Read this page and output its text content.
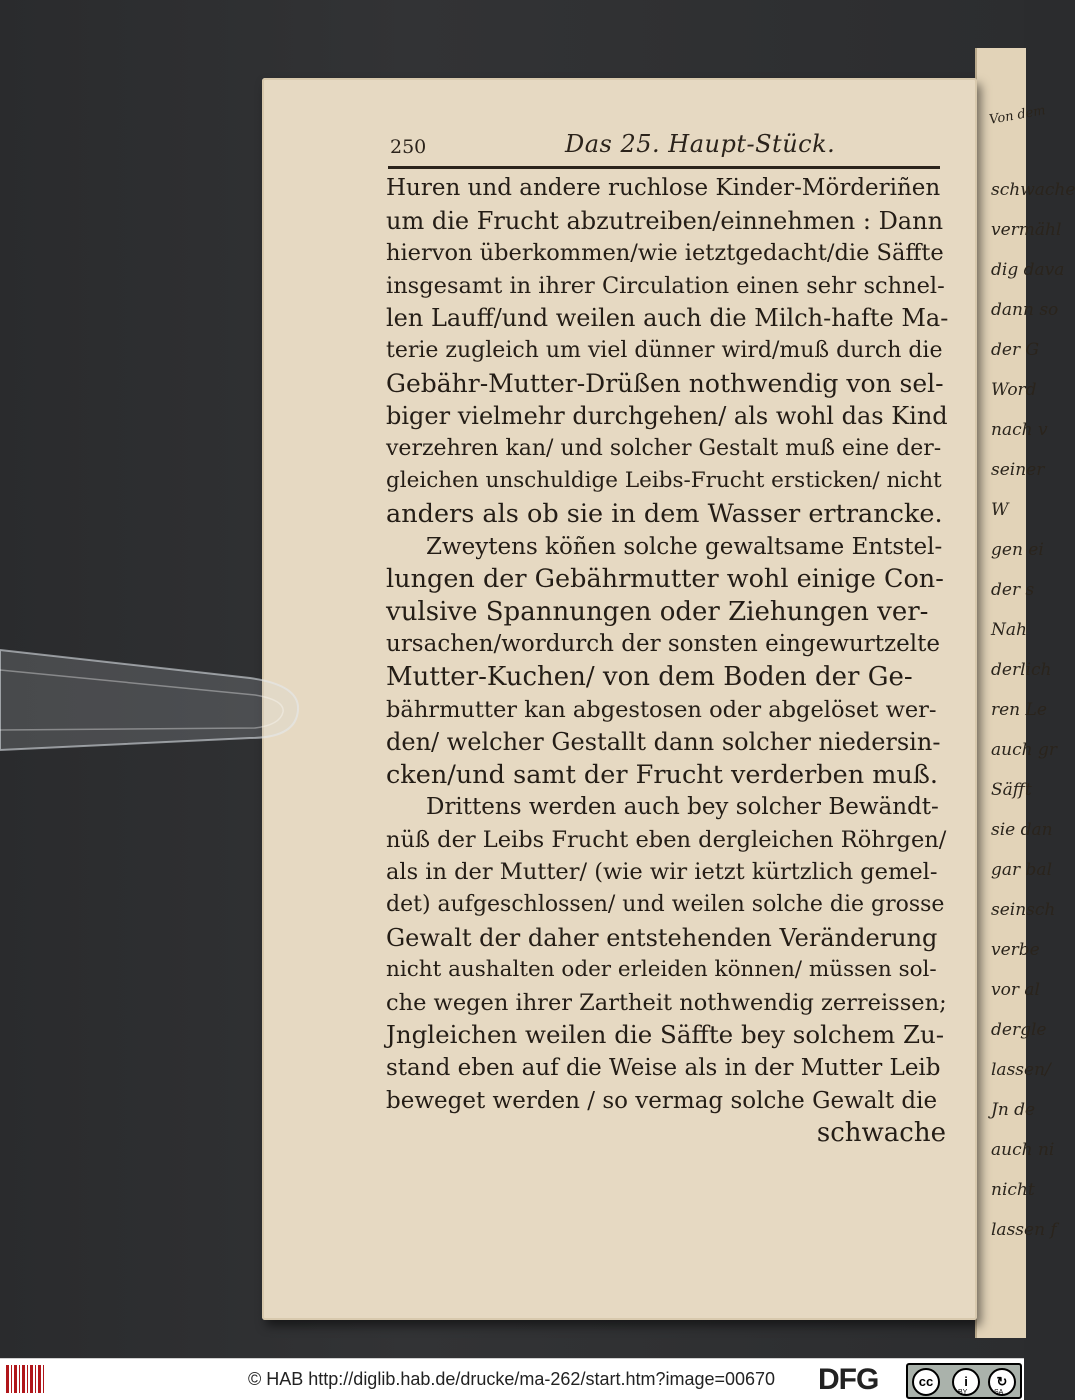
Von dem
schwache
vermähl
dig dava
dann so
der G
Word
nach v
seiner
W
gen ei
der s
Nah
derlich
ren Le
auch gr
Säfft
sie dan
gar bal
seinsch
verbe
vor al
dergle
lassen/
Jn de
auch ni
nicht
lassen f
250	Das 25. Haupt-Stück.
Huren und andere ruchlose Kinder-Mörderiñen
um die Frucht abzutreiben/einnehmen : Dann
hiervon überkommen/wie ietztgedacht/die Säffte
insgesamt in ihrer Circulation einen sehr schnel-
len Lauff/und weilen auch die Milch-hafte Ma-
terie zugleich um viel dünner wird/muß durch die
Gebähr-Mutter-Drüßen nothwendig von sel-
biger vielmehr durchgehen/ als wohl das Kind
verzehren kan/ und solcher Gestalt muß eine der-
gleichen unschuldige Leibs-Frucht ersticken/ nicht
anders als ob sie in dem Wasser ertrancke.
Zweytens köñen solche gewaltsame Entstel-
lungen der Gebährmutter wohl einige Con-
vulsive Spannungen oder Ziehungen ver-
ursachen/wordurch der sonsten eingewurtzelte
Mutter-Kuchen/ von dem Boden der Ge-
bährmutter kan abgestosen oder abgelöset wer-
den/ welcher Gestallt dann solcher niedersin-
cken/und samt der Frucht verderben muß.
Drittens werden auch bey solcher Bewändt-
nüß der Leibs Frucht eben dergleichen Röhrgen/
als in der Mutter/ (wie wir ietzt kürtzlich gemel-
det) aufgeschlossen/ und weilen solche die grosse
Gewalt der daher entstehenden Veränderung
nicht aushalten oder erleiden können/ müssen sol-
che wegen ihrer Zartheit nothwendig zerreissen;
Jngleichen weilen die Säffte bey solchem Zu-
stand eben auf die Weise als in der Mutter Leib
beweget werden / so vermag solche Gewalt die
schwache
© HAB http://diglib.hab.de/drucke/ma-262/start.htm?image=00670 DFG	cc	i	↻
BY	SA
